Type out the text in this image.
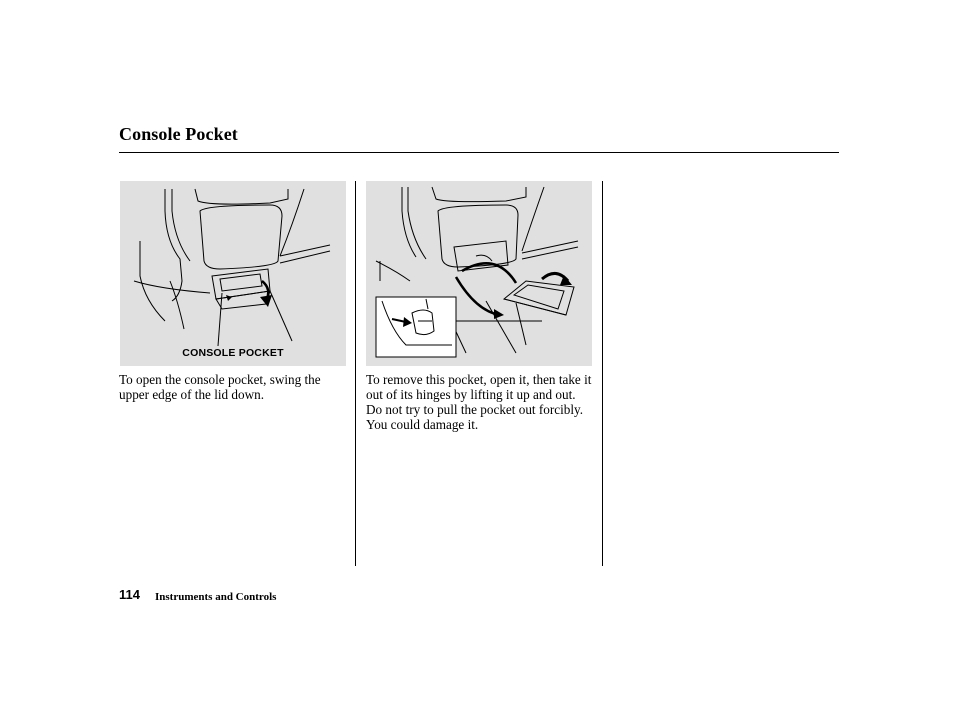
Console Pocket
CONSOLE POCKET
To open the console pocket, swing the upper edge of the lid down.
To remove this pocket, open it, then take it out of its hinges by lifting it up and out. Do not try to pull the pocket out forcibly. You could damage it.
114 Instruments and Controls
